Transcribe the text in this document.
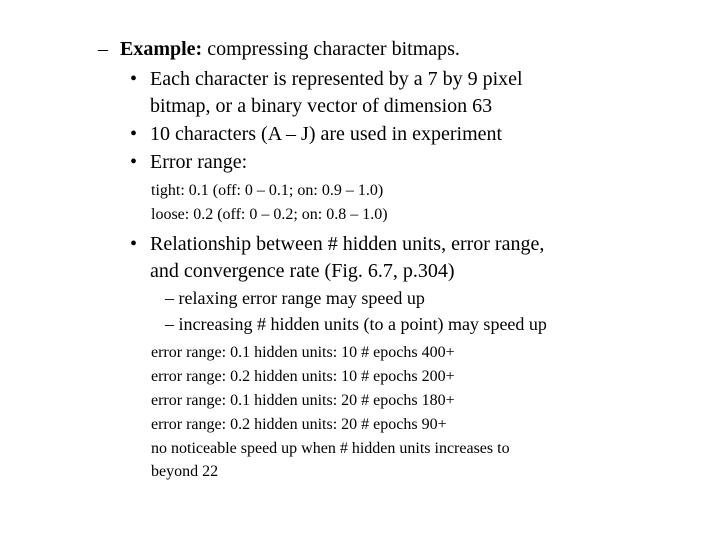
– Example: compressing character bitmaps.
• Each character is represented by a 7 by 9 pixel
bitmap, or a binary vector of dimension 63
• 10 characters (A – J) are used in experiment
• Error range:
tight: 0.1 (off: 0 – 0.1; on: 0.9 – 1.0)
loose: 0.2 (off: 0 – 0.2; on: 0.8 – 1.0)
• Relationship between # hidden units, error range,
and convergence rate (Fig. 6.7, p.304)
– relaxing error range may speed up
– increasing # hidden units (to a point) may speed up
error range: 0.1 hidden units: 10 # epochs 400+
error range: 0.2 hidden units: 10 # epochs 200+
error range: 0.1 hidden units: 20 # epochs 180+
error range: 0.2 hidden units: 20 # epochs 90+
no noticeable speed up when # hidden units increases to
beyond 22
